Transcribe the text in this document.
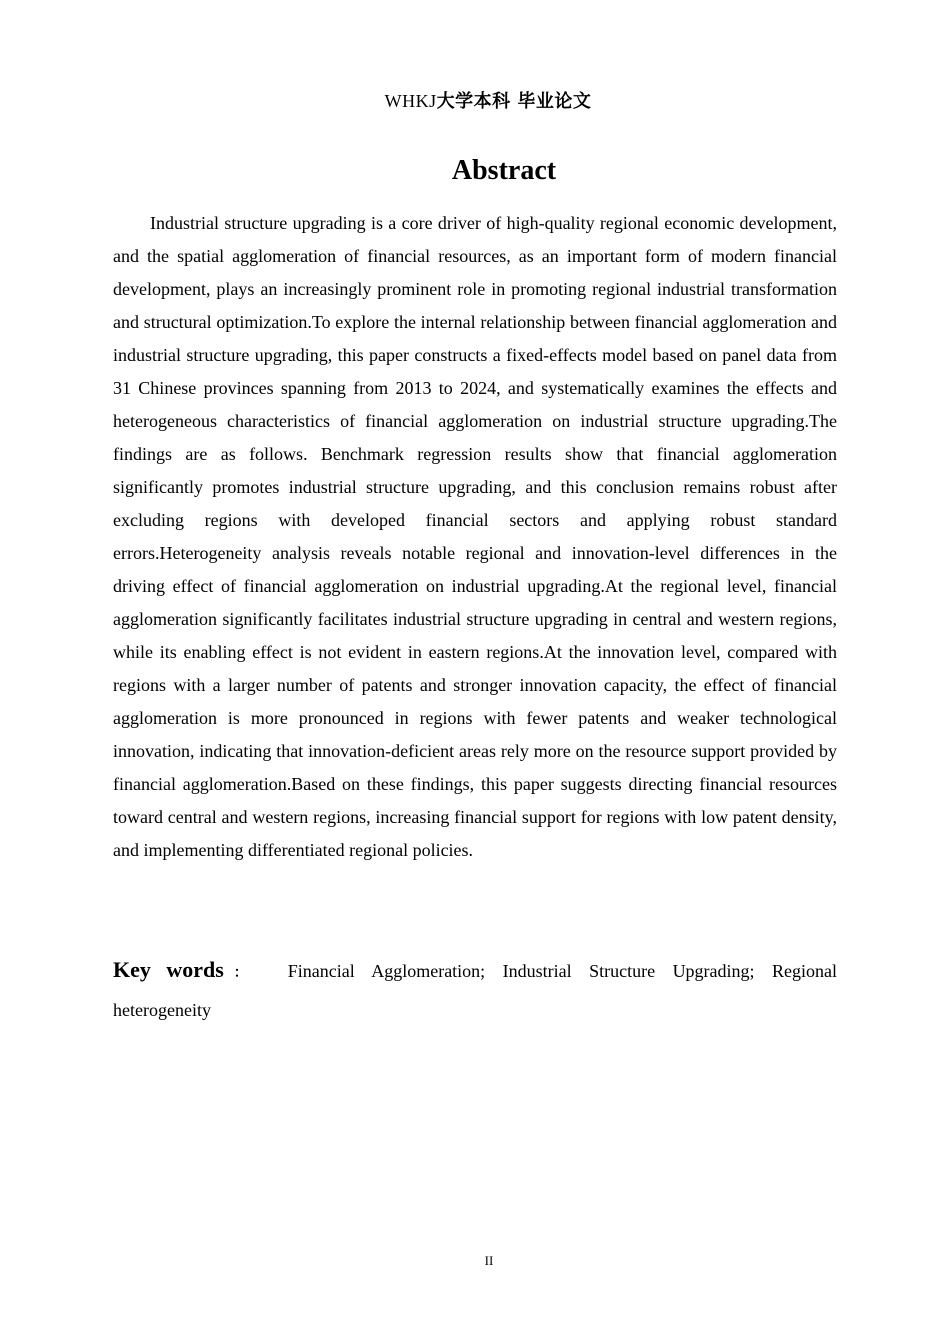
WHKJ大学本科 毕业论文
Abstract

Industrial structure upgrading is a core driver of high-quality regional economic development, and the spatial agglomeration of financial resources, as an important form of modern financial development, plays an increasingly prominent role in promoting regional industrial transformation and structural optimization.To explore the internal relationship between financial agglomeration and industrial structure upgrading, this paper constructs a fixed-effects model based on panel data from 31 Chinese provinces spanning from 2013 to 2024, and systematically examines the effects and heterogeneous characteristics of financial agglomeration on industrial structure upgrading.The findings are as follows. Benchmark regression results show that financial agglomeration significantly promotes industrial structure upgrading, and this conclusion remains robust after excluding regions with developed financial sectors and applying robust standard errors.Heterogeneity analysis reveals notable regional and innovation-level differences in the driving effect of financial agglomeration on industrial upgrading.At the regional level, financial agglomeration significantly facilitates industrial structure upgrading in central and western regions, while its enabling effect is not evident in eastern regions.At the innovation level, compared with regions with a larger number of patents and stronger innovation capacity, the effect of financial agglomeration is more pronounced in regions with fewer patents and weaker technological innovation, indicating that innovation-deficient areas rely more on the resource support provided by financial agglomeration.Based on these findings, this paper suggests directing financial resources toward central and western regions, increasing financial support for regions with low patent density, and implementing differentiated regional policies.

Key words： Financial Agglomeration; Industrial Structure Upgrading; Regional heterogeneity

II
